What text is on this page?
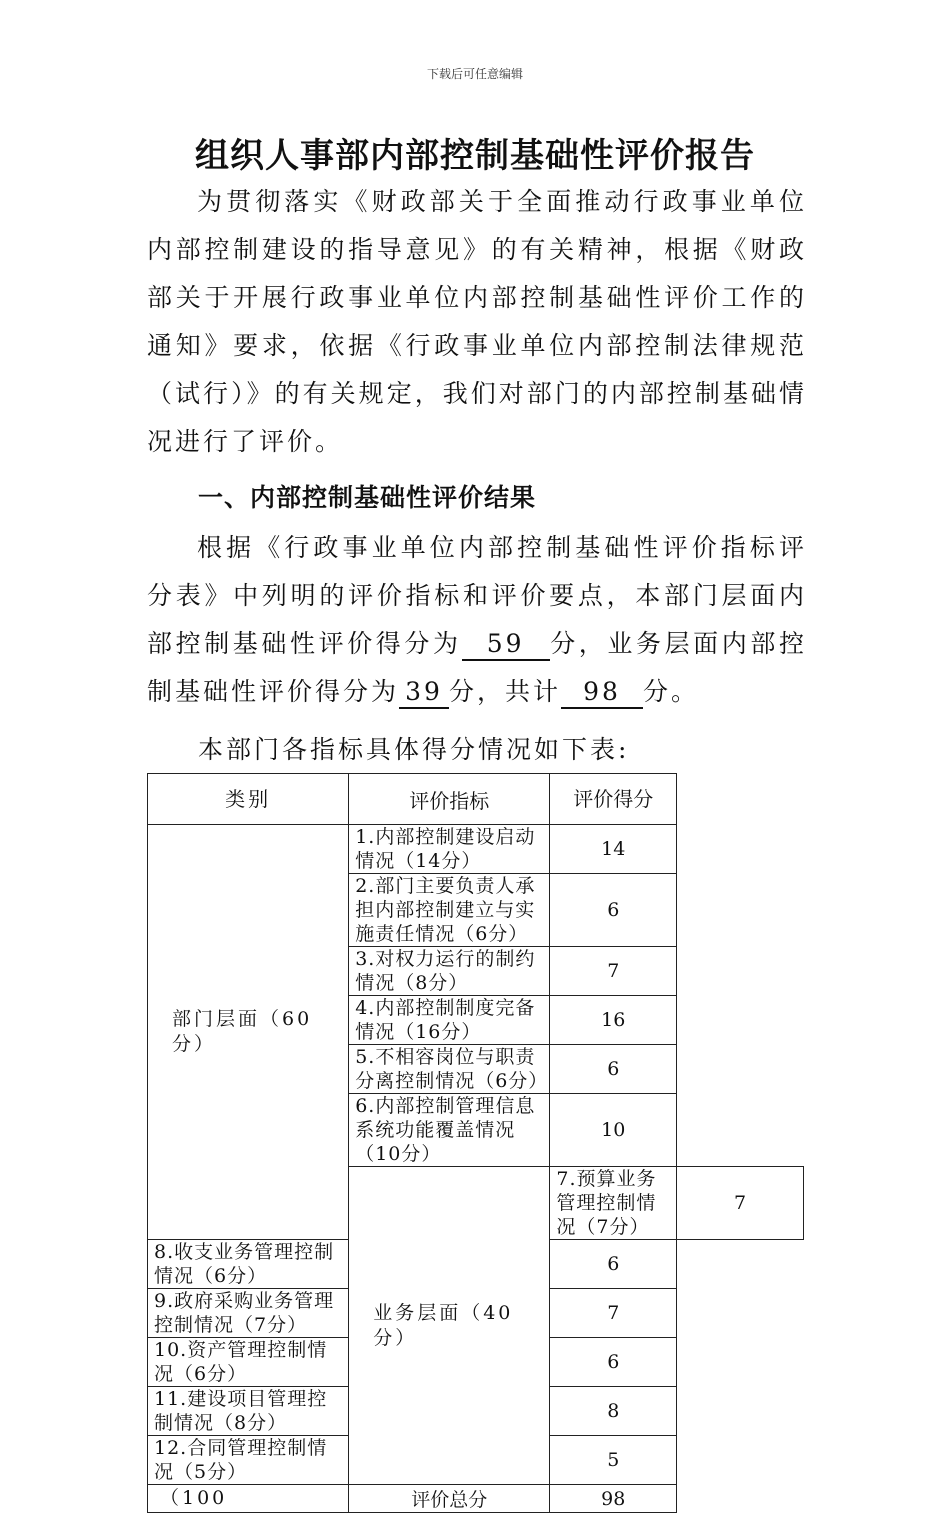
下载后可任意编辑
组织人事部内部控制基础性评价报告
为贯彻落实《财政部关于全面推动行政事业单位内部控制建设的指导意见》的有关精神，根据《财政部关于开展行政事业单位内部控制基础性评价工作的通知》要求，依据《行政事业单位内部控制法律规范（试行）》的有关规定，我们对部门的内部控制基础情况进行了评价。
一、内部控制基础性评价结果
根据《行政事业单位内部控制基础性评价指标评分表》中列明的评价指标和评价要点，本部门层面内部控制基础性评价得分为 59 分，业务层面内部控制基础性评价得分为 39 分，共计 98 分。
本部门各指标具体得分情况如下表:
类别	评价指标	评价得分	
部门层面（60分）	1.内部控制建设启动情况（14分）	14	
	2.部门主要负责人承担内部控制建立与实施责任情况（6分）	6	
	3.对权力运行的制约情况（8分）	7	
	4.内部控制制度完备情况（16分）	16	
	5.不相容岗位与职责分离控制情况（6分）	6	
	6.内部控制管理信息系统功能覆盖情况（10分）	10	
	业务层面（40分）	7.预算业务管理控制情况（7分）	7
8.收支业务管理控制情况（6分）		6	
9.政府采购业务管理控制情况（7分）		7	
10.资产管理控制情况（6分）		6	
11.建设项目管理控制情况（8分）		8	
12.合同管理控制情况（5分）		5	
（100	评价总分	98	
